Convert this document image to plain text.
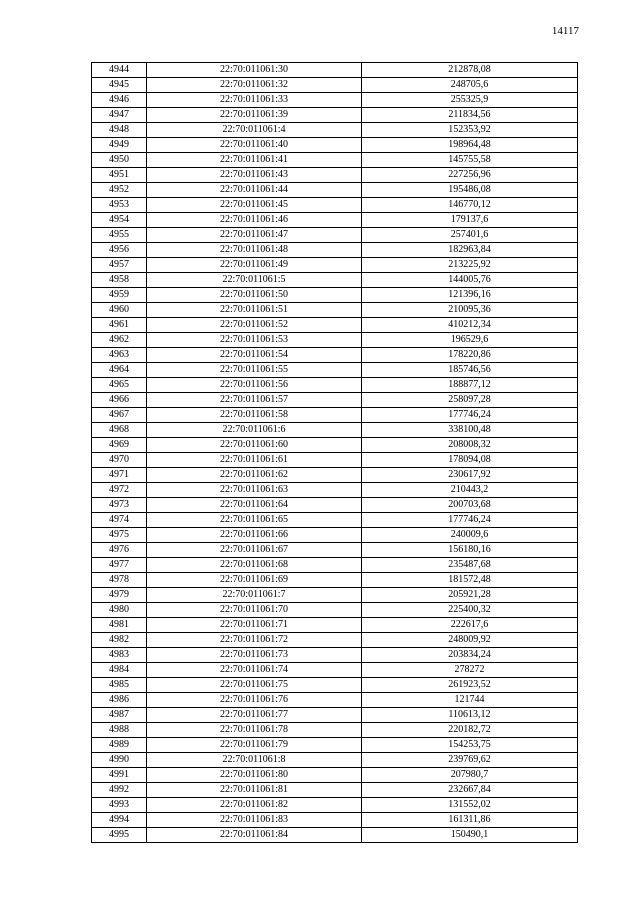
14117
4944	22:70:011061:30	212878,08
4945	22:70:011061:32	248705,6
4946	22:70:011061:33	255325,9
4947	22:70:011061:39	211834,56
4948	22:70:011061:4	152353,92
4949	22:70:011061:40	198964,48
4950	22:70:011061:41	145755,58
4951	22:70:011061:43	227256,96
4952	22:70:011061:44	195486,08
4953	22:70:011061:45	146770,12
4954	22:70:011061:46	179137,6
4955	22:70:011061:47	257401,6
4956	22:70:011061:48	182963,84
4957	22:70:011061:49	213225,92
4958	22:70:011061:5	144005,76
4959	22:70:011061:50	121396,16
4960	22:70:011061:51	210095,36
4961	22:70:011061:52	410212,34
4962	22:70:011061:53	196529,6
4963	22:70:011061:54	178220,86
4964	22:70:011061:55	185746,56
4965	22:70:011061:56	188877,12
4966	22:70:011061:57	258097,28
4967	22:70:011061:58	177746,24
4968	22:70:011061:6	338100,48
4969	22:70:011061:60	208008,32
4970	22:70:011061:61	178094,08
4971	22:70:011061:62	230617,92
4972	22:70:011061:63	210443,2
4973	22:70:011061:64	200703,68
4974	22:70:011061:65	177746,24
4975	22:70:011061:66	240009,6
4976	22:70:011061:67	156180,16
4977	22:70:011061:68	235487,68
4978	22:70:011061:69	181572,48
4979	22:70:011061:7	205921,28
4980	22:70:011061:70	225400,32
4981	22:70:011061:71	222617,6
4982	22:70:011061:72	248009,92
4983	22:70:011061:73	203834,24
4984	22:70:011061:74	278272
4985	22:70:011061:75	261923,52
4986	22:70:011061:76	121744
4987	22:70:011061:77	110613,12
4988	22:70:011061:78	220182,72
4989	22:70:011061:79	154253,75
4990	22:70:011061:8	239769,62
4991	22:70:011061:80	207980,7
4992	22:70:011061:81	232667,84
4993	22:70:011061:82	131552,02
4994	22:70:011061:83	161311,86
4995	22:70:011061:84	150490,1
